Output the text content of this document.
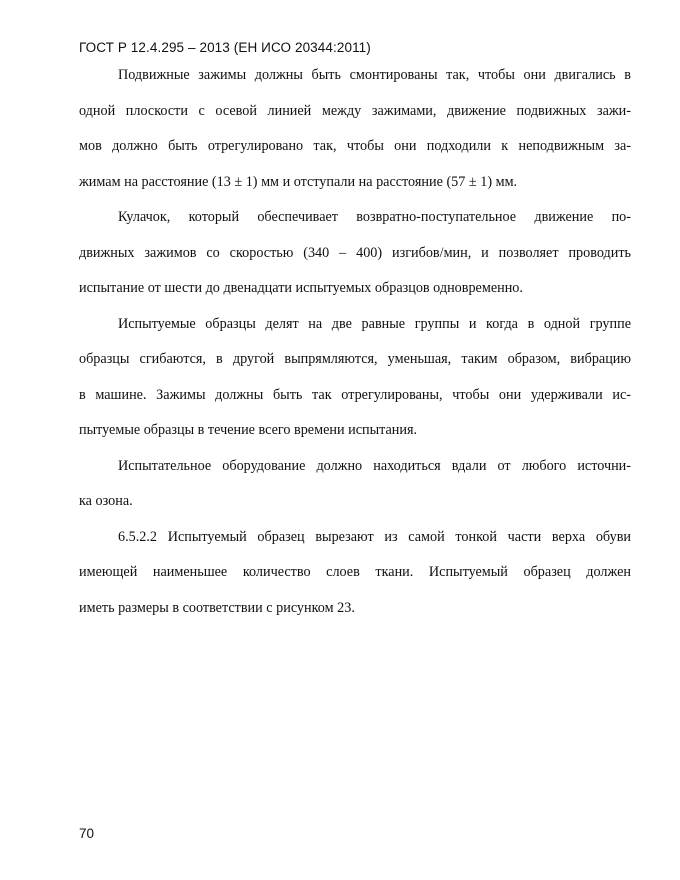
ГОСТ Р 12.4.295 – 2013 (ЕН ИСО 20344:2011)
Подвижные зажимы должны быть смонтированы так, чтобы они двигались в
одной плоскости с осевой линией между зажимами, движение подвижных зажи-
мов должно быть отрегулировано так, чтобы они подходили к неподвижным за-
жимам на расстояние (13 ± 1) мм и отступали на расстояние (57 ± 1) мм.
Кулачок, который обеспечивает возвратно-поступательное движение по-
движных зажимов со скоростью (340 – 400) изгибов/мин, и позволяет проводить
испытание от шести до двенадцати испытуемых образцов одновременно.
Испытуемые образцы делят на две равные группы и когда в одной группе
образцы сгибаются, в другой выпрямляются, уменьшая, таким образом, вибрацию
в машине. Зажимы должны быть так отрегулированы, чтобы они удерживали ис-
пытуемые образцы в течение всего времени испытания.
Испытательное оборудование должно находиться вдали от любого источни-
ка озона.
6.5.2.2 Испытуемый образец вырезают из самой тонкой части верха обуви
имеющей наименьшее количество слоев ткани. Испытуемый образец должен
иметь размеры в соответствии с рисунком 23.
70
